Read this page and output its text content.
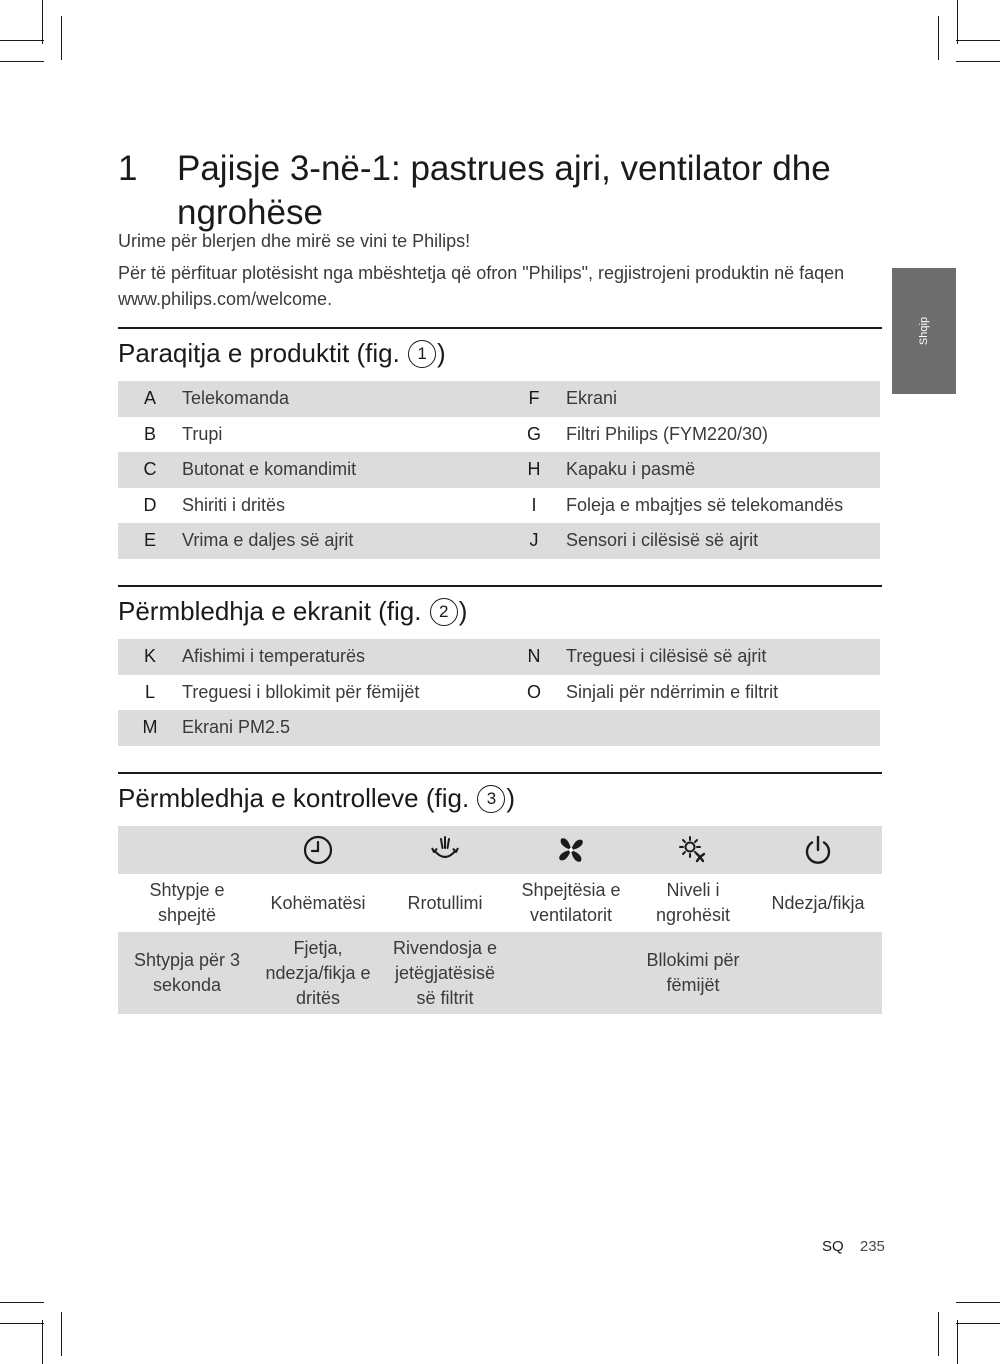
Shqip
1 Pajisje 3-në-1: pastrues ajri, ventilator dhe ngrohëse

Urime për blerjen dhe mirë se vini te Philips!

Për të përfituar plotësisht nga mbështetja që ofron "Philips", regjistrojeni produktin në faqen www.philips.com/welcome.

Paraqitja e produktit (fig. 1 )
A	Telekomanda	F	Ekrani
B	Trupi	G	Filtri Philips (FYM220/30)
C	Butonat e komandimit	H	Kapaku i pasmë
D	Shiriti i dritës	I	Foleja e mbajtjes së telekomandës
E	Vrima e daljes së ajrit	J	Sensori i cilësisë së ajrit
Përmbledhja e ekranit (fig. 2 )
K	Afishimi i temperaturës	N	Treguesi i cilësisë së ajrit
L	Treguesi i bllokimit për fëmijët	O	Sinjali për ndërrimin e filtrit
M	Ekrani PM2.5		
Përmbledhja e kontrolleve (fig. 3 )

Shtypje e shpejtë	Kohëmatësi	Rrotullimi	Shpejtësia e ventilatorit	Niveli i ngrohësit	Ndezja/fikja
Shtypja për 3 sekonda	Fjetja, ndezja/fikja e dritës	Rivendosja e jetëgjatësisë së filtrit		Bllokimi për fëmijët	
SQ 235
